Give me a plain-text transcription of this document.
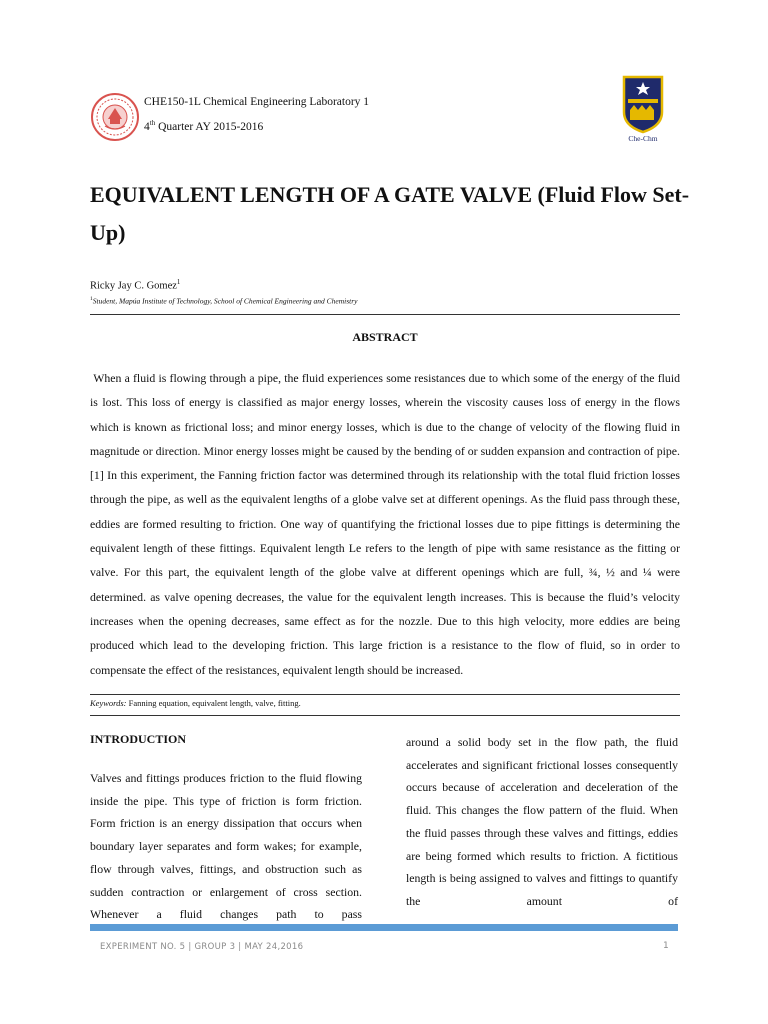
CHE150-1L Chemical Engineering Laboratory 1
4th Quarter AY 2015-2016
Che-Chm
EQUIVALENT LENGTH OF A GATE VALVE (Fluid Flow Set-Up)
Ricky Jay C. Gomez$^1$
$^1$Student, Mapúa Institute of Technology, School of Chemical Engineering and Chemistry
ABSTRACT

When a fluid is flowing through a pipe, the fluid experiences some resistances due to which some of the energy of the fluid is lost. This loss of energy is classified as major energy losses, wherein the viscosity causes loss of energy in the flows which is known as frictional loss; and minor energy losses, which is due to the change of velocity of the flowing fluid in magnitude or direction. Minor energy losses might be caused by the bending of or sudden expansion and contraction of pipe. [1] In this experiment, the Fanning friction factor was determined through its relationship with the total fluid friction losses through the pipe, as well as the equivalent lengths of a globe valve set at different openings. As the fluid pass through these, eddies are formed resulting to friction. One way of quantifying the frictional losses due to pipe fittings is determining the equivalent length of these fittings. Equivalent length Le refers to the length of pipe with same resistance as the fitting or valve. For this part, the equivalent length of the globe valve at different openings which are full, ¾, ½ and ¼ were determined. as valve opening decreases, the value for the equivalent length increases. This is because the fluid’s velocity increases when the opening decreases, same effect as for the nozzle. Due to this high velocity, more eddies are being produced which lead to the developing friction. This large friction is a resistance to the flow of fluid, so in order to compensate the effect of the resistances, equivalent length should be increased.

Keywords: Fanning equation, equivalent length, valve, fitting.
INTRODUCTION

Valves and fittings produces friction to the fluid flowing inside the pipe. This type of friction is form friction. Form friction is an energy dissipation that occurs when boundary layer separates and form wakes; for example, flow through valves, fittings, and obstruction such as sudden contraction or enlargement of cross section. Whenever a fluid changes path to pass

around a solid body set in the flow path, the fluid accelerates and significant frictional losses consequently occurs because of acceleration and deceleration of the fluid. This changes the flow pattern of the fluid. When the fluid passes through these valves and fittings, eddies are being formed which results to friction. A fictitious length is being assigned to valves and fittings to quantify the amount of

EXPERIMENT NO. 5 | GROUP 3 | MAY 24,2016	1
